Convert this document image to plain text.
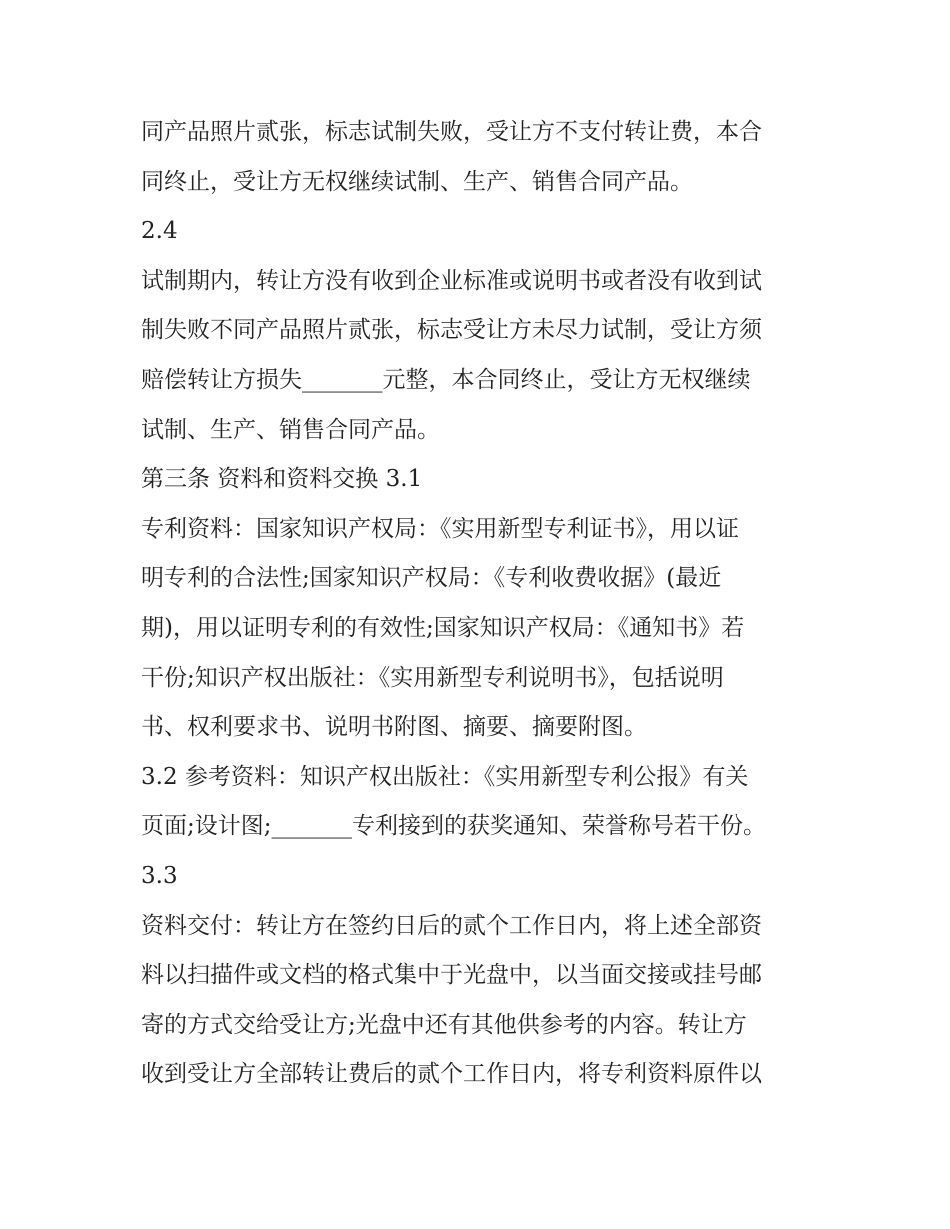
同产品照片贰张，标志试制失败，受让方不支付转让费，本合
同终止，受让方无权继续试制、生产、销售合同产品。
2.4
试制期内，转让方没有收到企业标准或说明书或者没有收到试
制失败不同产品照片贰张，标志受让方未尽力试制，受让方须
赔偿转让方损失_______元整，本合同终止，受让方无权继续
试制、生产、销售合同产品。
第三条 资料和资料交换 3.1
专利资料：国家知识产权局：《实用新型专利证书》，用以证
明专利的合法性;国家知识产权局：《专利收费收据》(最近
期)，用以证明专利的有效性;国家知识产权局：《通知书》若
干份;知识产权出版社：《实用新型专利说明书》，包括说明
书、权利要求书、说明书附图、摘要、摘要附图。
3.2 参考资料：知识产权出版社：《实用新型专利公报》有关
页面;设计图;_______专利接到的获奖通知、荣誉称号若干份。
3.3
资料交付：转让方在签约日后的贰个工作日内，将上述全部资
料以扫描件或文档的格式集中于光盘中，以当面交接或挂号邮
寄的方式交给受让方;光盘中还有其他供参考的内容。转让方
收到受让方全部转让费后的贰个工作日内，将专利资料原件以
